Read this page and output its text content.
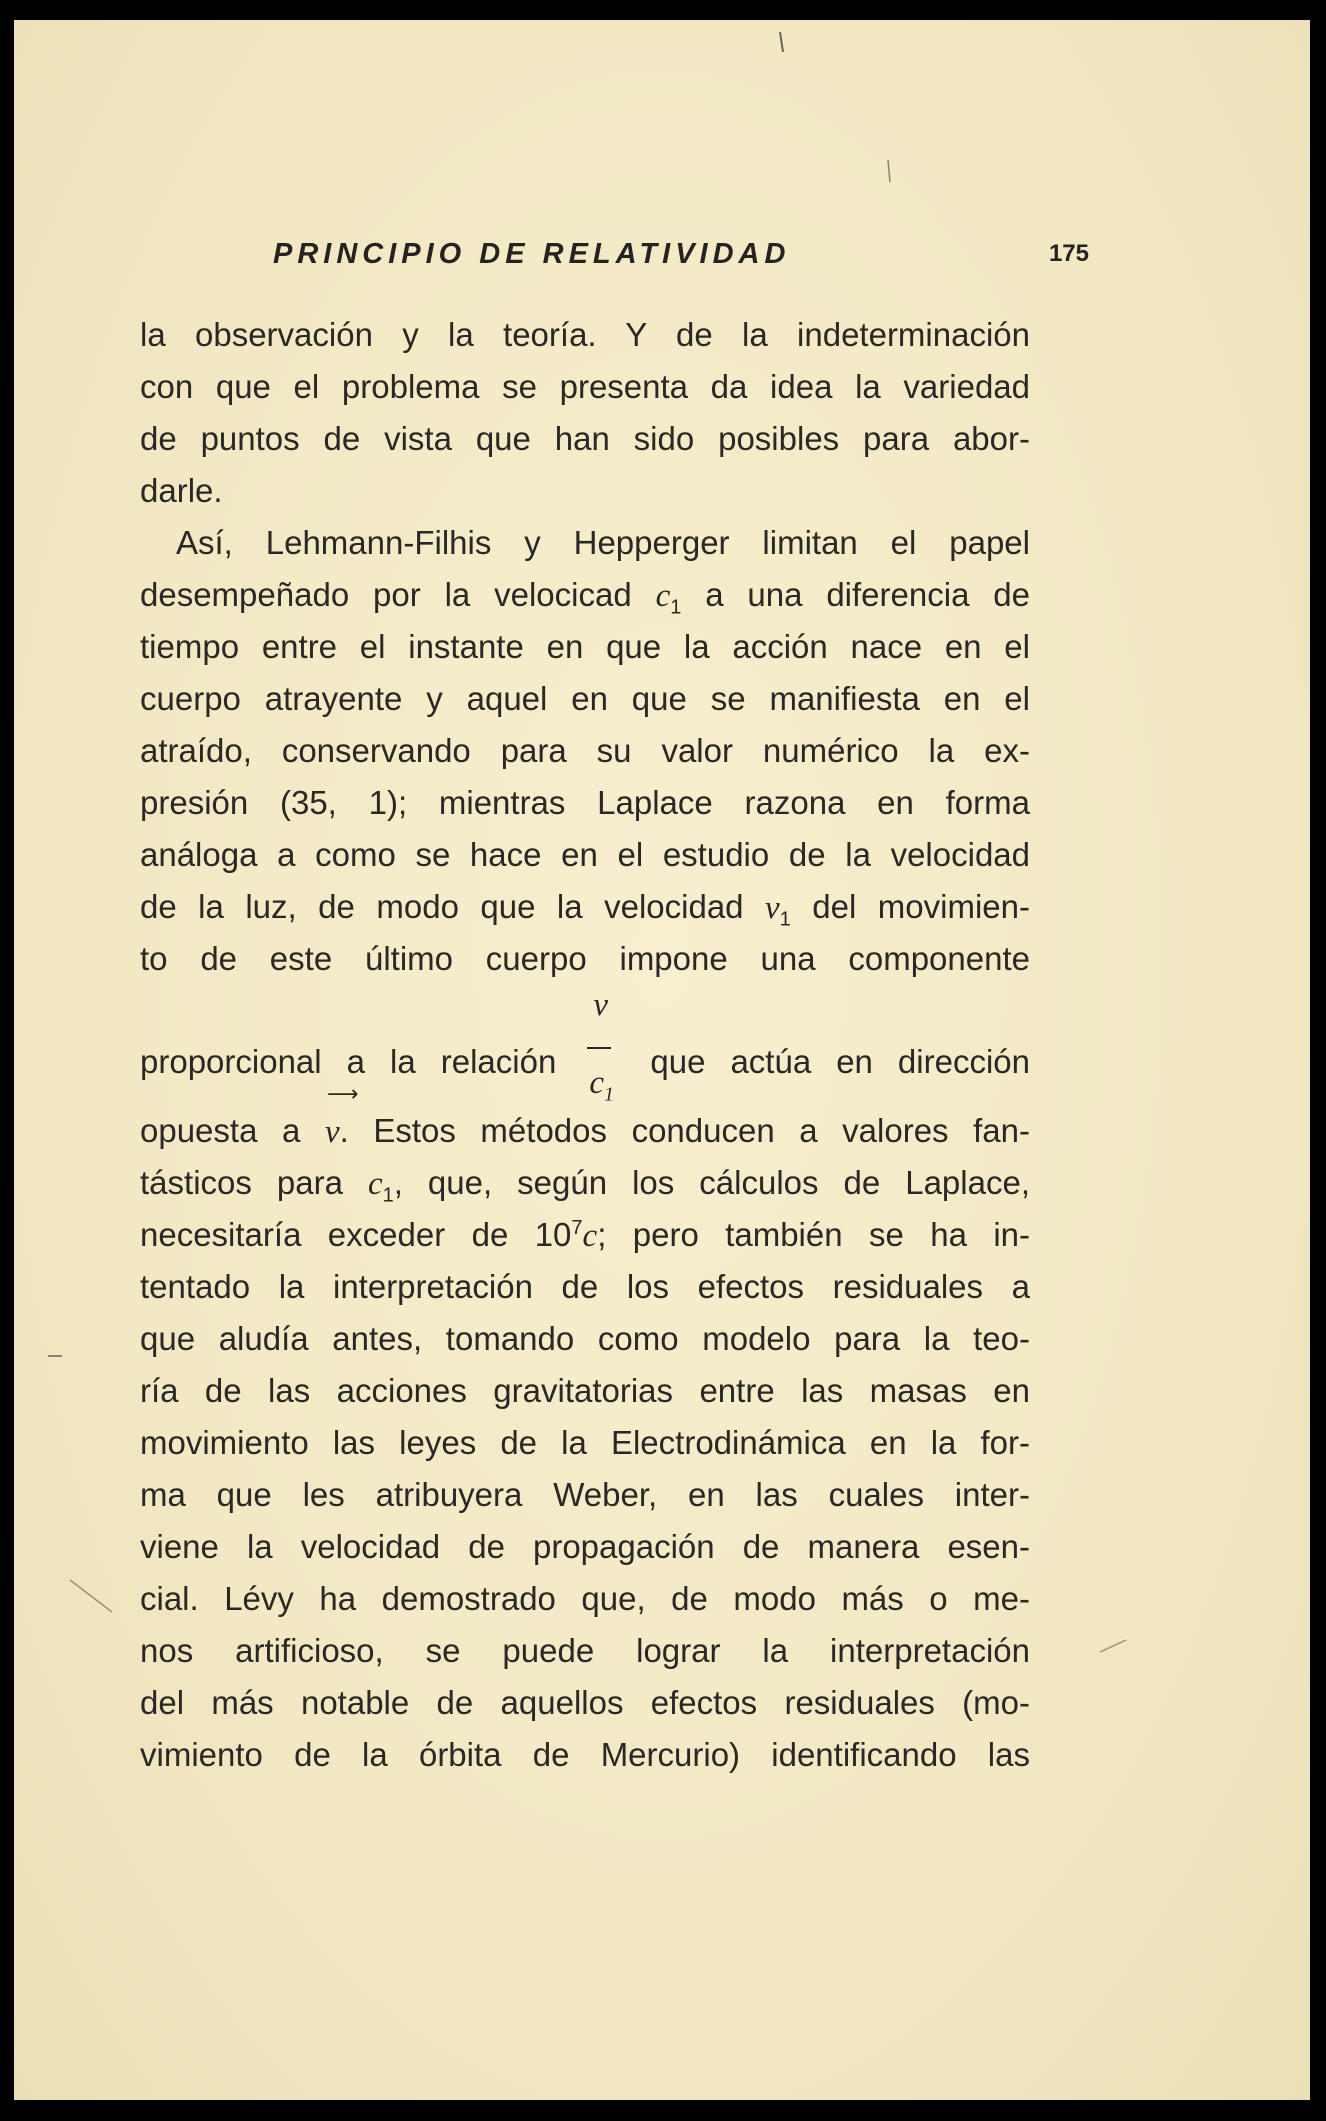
PRINCIPIO DE RELATIVIDAD	175
la observación y la teoría. Y de la indeterminación
con que el problema se presenta da idea la variedad
de puntos de vista que han sido posibles para abor-
darle.
Así, Lehmann-Filhis y Hepperger limitan el papel
desempeñado por la velocicad $c_1$ a una diferencia de
tiempo entre el instante en que la acción nace en el
cuerpo atrayente y aquel en que se manifiesta en el
atraído, conservando para su valor numérico la ex-
presión (35, 1); mientras Laplace razona en forma
análoga a como se hace en el estudio de la velocidad
de la luz, de modo que la velocidad $v_1$ del movimien-
to de este último cuerpo impone una componente
proporcional a la relación $\frac{v}{c_1}$ que actúa en dirección
opuesta a
⟶
v. Estos métodos conducen a valores fan-
tásticos para $c_1$, que, según los cálculos de Laplace,
necesitaría exceder de $10^7c$; pero también se ha in-
tentado la interpretación de los efectos residuales a
que aludía antes, tomando como modelo para la teo-
ría de las acciones gravitatorias entre las masas en
movimiento las leyes de la Electrodinámica en la for-
ma que les atribuyera Weber, en las cuales inter-
viene la velocidad de propagación de manera esen-
cial. Lévy ha demostrado que, de modo más o me-
nos artificioso, se puede lograr la interpretación
del más notable de aquellos efectos residuales (mo-
vimiento de la órbita de Mercurio) identificando las
